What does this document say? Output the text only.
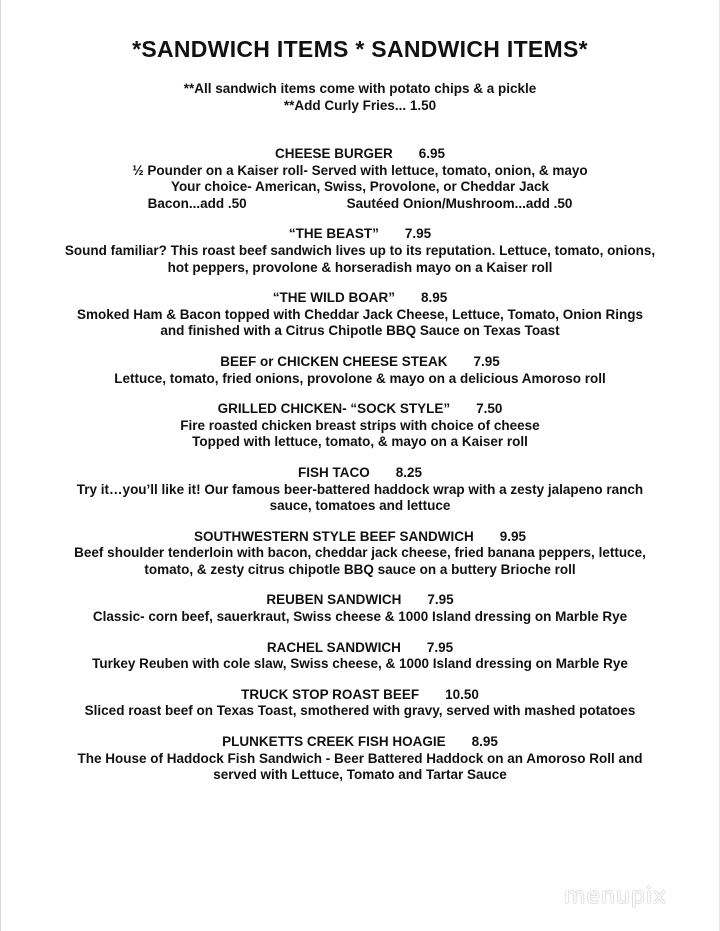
*SANDWICH ITEMS * SANDWICH ITEMS*
**All sandwich items come with potato chips & a pickle
**Add Curly Fries... 1.50
CHEESE BURGER 6.95
½ Pounder on a Kaiser roll- Served with lettuce, tomato, onion, & mayo
Your choice- American, Swiss, Provolone, or Cheddar Jack
Bacon...add .50	Sautéed Onion/Mushroom...add .50
“THE BEAST” 7.95
Sound familiar? This roast beef sandwich lives up to its reputation. Lettuce, tomato, onions,
hot peppers, provolone & horseradish mayo on a Kaiser roll
“THE WILD BOAR” 8.95
Smoked Ham & Bacon topped with Cheddar Jack Cheese, Lettuce, Tomato, Onion Rings
and finished with a Citrus Chipotle BBQ Sauce on Texas Toast
BEEF or CHICKEN CHEESE STEAK 7.95
Lettuce, tomato, fried onions, provolone & mayo on a delicious Amoroso roll
GRILLED CHICKEN- “SOCK STYLE” 7.50
Fire roasted chicken breast strips with choice of cheese
Topped with lettuce, tomato, & mayo on a Kaiser roll
FISH TACO 8.25
Try it…you’ll like it! Our famous beer-battered haddock wrap with a zesty jalapeno ranch
sauce, tomatoes and lettuce
SOUTHWESTERN STYLE BEEF SANDWICH 9.95
Beef shoulder tenderloin with bacon, cheddar jack cheese, fried banana peppers, lettuce,
tomato, & zesty citrus chipotle BBQ sauce on a buttery Brioche roll
REUBEN SANDWICH 7.95
Classic- corn beef, sauerkraut, Swiss cheese & 1000 Island dressing on Marble Rye
RACHEL SANDWICH 7.95
Turkey Reuben with cole slaw, Swiss cheese, & 1000 Island dressing on Marble Rye
TRUCK STOP ROAST BEEF 10.50
Sliced roast beef on Texas Toast, smothered with gravy, served with mashed potatoes
PLUNKETTS CREEK FISH HOAGIE 8.95
The House of Haddock Fish Sandwich - Beer Battered Haddock on an Amoroso Roll and
served with Lettuce, Tomato and Tartar Sauce
menupix
